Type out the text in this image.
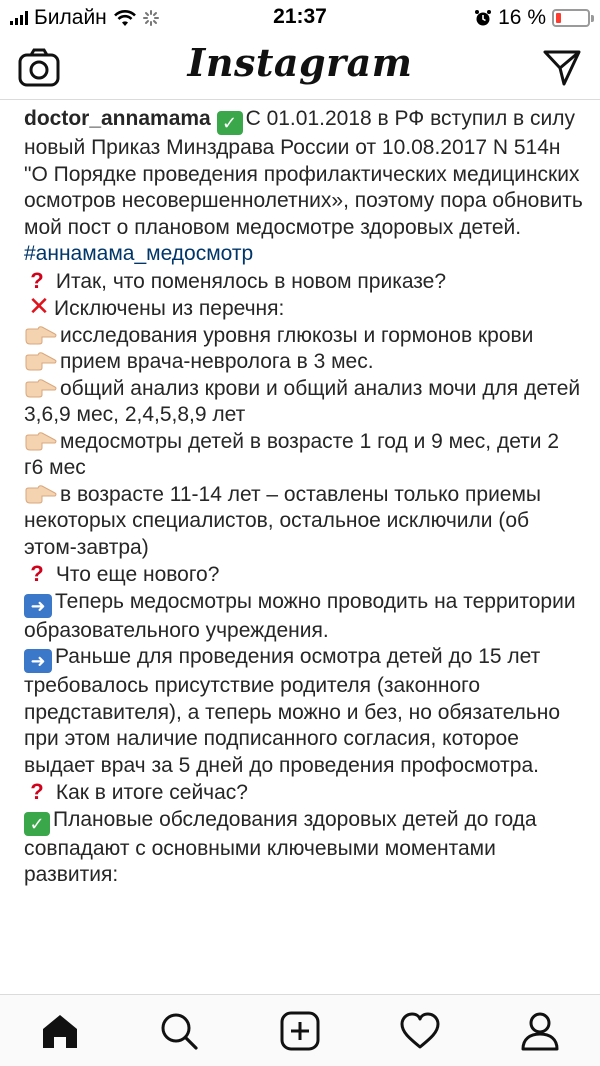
Билайн	21:37	16 %
Instagram

doctor_annamama ✓ С 01.01.2018 в РФ вступил в силу новый Приказ Минздрава России от 10.08.2017 N 514н "О Порядке проведения профилактических медицинских осмотров несовершеннолетних», поэтому пора обновить мой пост о плановом медосмотре здоровых детей.

#аннамама_медосмотр

? Итак, что поменялось в новом приказе?

✕ Исключены из перечня:

исследования уровня глюкозы и гормонов крови

прием врача-невролога в 3 мес.

общий анализ крови и общий анализ мочи для детей 3,6,9 мес, 2,4,5,8,9 лет

медосмотры детей в возрасте 1 год и 9 мес, дети 2 г6 мес

в возрасте 11-14 лет – оставлены только приемы некоторых специалистов, остальное исключили (об этом-завтра)

? Что еще нового?

➜ Теперь медосмотры можно проводить на территории образовательного учреждения.

➜ Раньше для проведения осмотра детей до 15 лет требовалось присутствие родителя (законного представителя), а теперь можно и без, но обязательно при этом наличие подписанного согласия, которое выдает врач за 5 дней до проведения профосмотра.

? Как в итоге сейчас?

✓ Плановые обследования здоровых детей до года совпадают с основными ключевыми моментами развития:
